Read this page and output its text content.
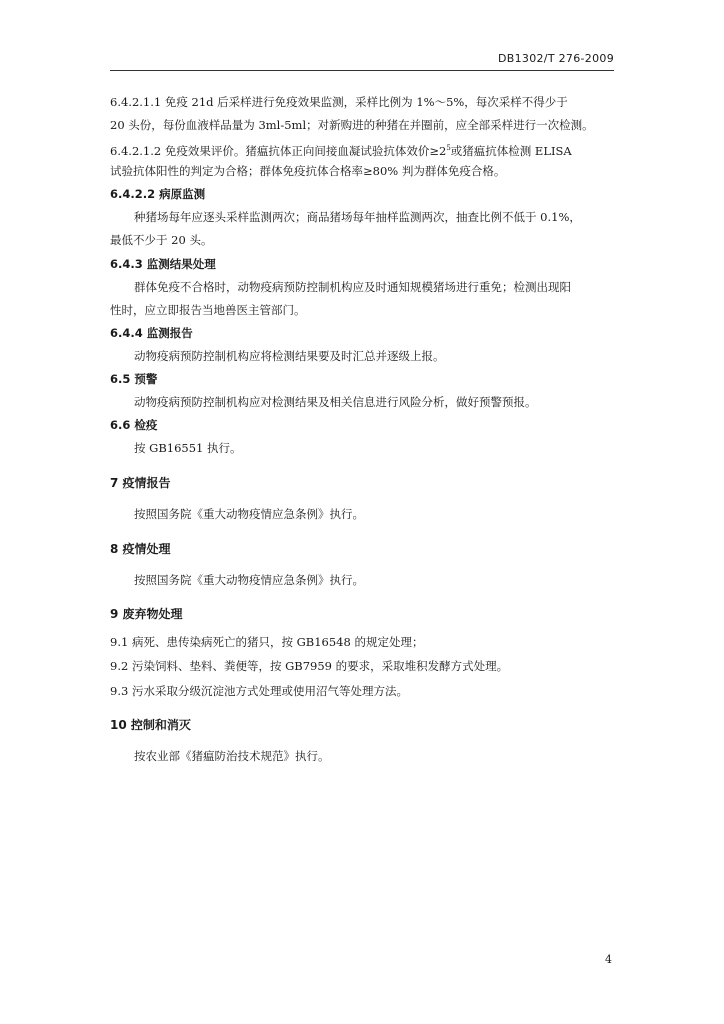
DB1302/T 276-2009
6.4.2.1.1 免疫 21d 后采样进行免疫效果监测，采样比例为 1%～5%，每次采样不得少于
20 头份，每份血液样品量为 3ml-5ml；对新购进的种猪在并圈前，应全部采样进行一次检测。
6.4.2.1.2 免疫效果评价。猪瘟抗体正向间接血凝试验抗体效价$\ge 2^5$或猪瘟抗体检测 ELISA
试验抗体阳性的判定为合格；群体免疫抗体合格率≥80% 判为群体免疫合格。
6.4.2.2 病原监测
种猪场每年应逐头采样监测两次；商品猪场每年抽样监测两次，抽查比例不低于 0.1%，
最低不少于 20 头。
6.4.3 监测结果处理
群体免疫不合格时，动物疫病预防控制机构应及时通知规模猪场进行重免；检测出现阳
性时，应立即报告当地兽医主管部门。
6.4.4 监测报告
动物疫病预防控制机构应将检测结果要及时汇总并逐级上报。
6.5 预警
动物疫病预防控制机构应对检测结果及相关信息进行风险分析，做好预警预报。
6.6 检疫
按 GB16551 执行。
7 疫情报告
按照国务院《重大动物疫情应急条例》执行。
8 疫情处理
按照国务院《重大动物疫情应急条例》执行。
9 废弃物处理
9.1 病死、患传染病死亡的猪只，按 GB16548 的规定处理；
9.2 污染饲料、垫料、粪便等，按 GB7959 的要求，采取堆积发酵方式处理。
9.3 污水采取分级沉淀池方式处理或使用沼气等处理方法。
10 控制和消灭
按农业部《猪瘟防治技术规范》执行。
4
